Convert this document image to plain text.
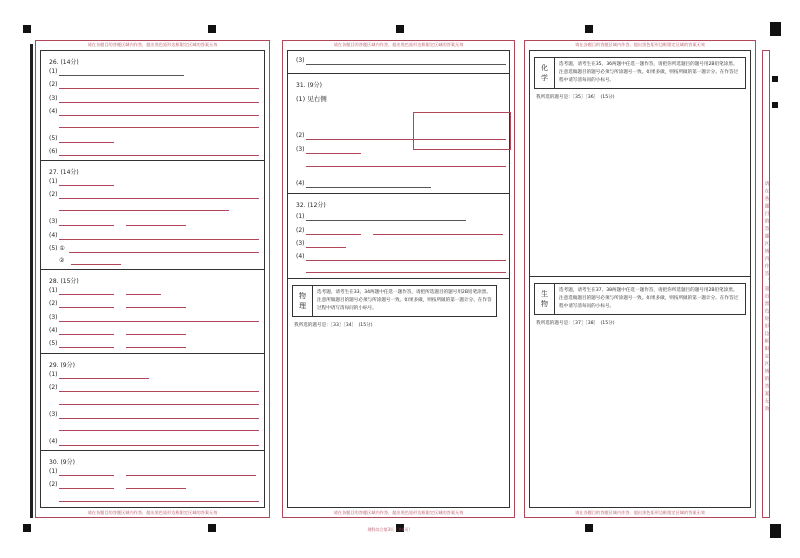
请在各题目的答题区域内作答，超出黑色矩形边框限定区域的答案无效
请在各题目的答题区域内作答，超出黑色矩形边框限定区域的答案无效
26. (14分)
(1)
(2)
(3)
(4)
(5)
(6)
27. (14分)
(1)
(2)
(3)
(4)
(5) ①
②
28. (15分)
(1)
(2)
(3)
(4)
(5)
29. (9分)
(1)
(2)
(3)
(4)
30. (9分)
(1)
(2)
请在各题目的答题区域内作答，超出黑色矩形边框限定区域的答案无效
请在各题目的答题区域内作答，超出黑色矩形边框限定区域的答案无效
(3)
31. (9分)
(1) 见右侧
(2)
(3)
(4)
32. (12分)
(1)
(2)
(3)
(4)
物
理
选考题，请考生在33、34两题中任选一题作答，请把所选题目的题号用2B铅笔涂黑。注意所做题目的题号必须与所涂题号一致。如果多做，则按所做的第一题计分。在作答过程中请写清每问的小标号。
我所选的题号是：［33］［34］　(15分)
请在各题目的答题区域内作答，超出黑色矩形边框限定区域的答案无效
请在各题目的答题区域内作答，超出黑色矩形边框限定区域的答案无效
化
学
选考题，请考生在35、36两题中任选一题作答，请把你所选题目的题号用2B铅笔涂黑。注意选做题目的题号必须与所涂题号一致。如果多做，则按所做的第一题计分。在作答过程中请写清每问的小标号。
我所选的题号是：［35］［36］　(15分)
生
物
选考题，请考生在37、38两题中任选一题作答，请把你所选题目的题号用2B铅笔涂黑。注意选做题目的题号必须与所涂题号一致。如果多做，则按所做的第一题计分。在作答过程中请写清每问的小标号。
我所选的题号是：［37］［38］　(15分)	请在各题目的答题区域内作答，超出黑色矩形边框限定区域的答案无效
理科综合第3页（共4页）
